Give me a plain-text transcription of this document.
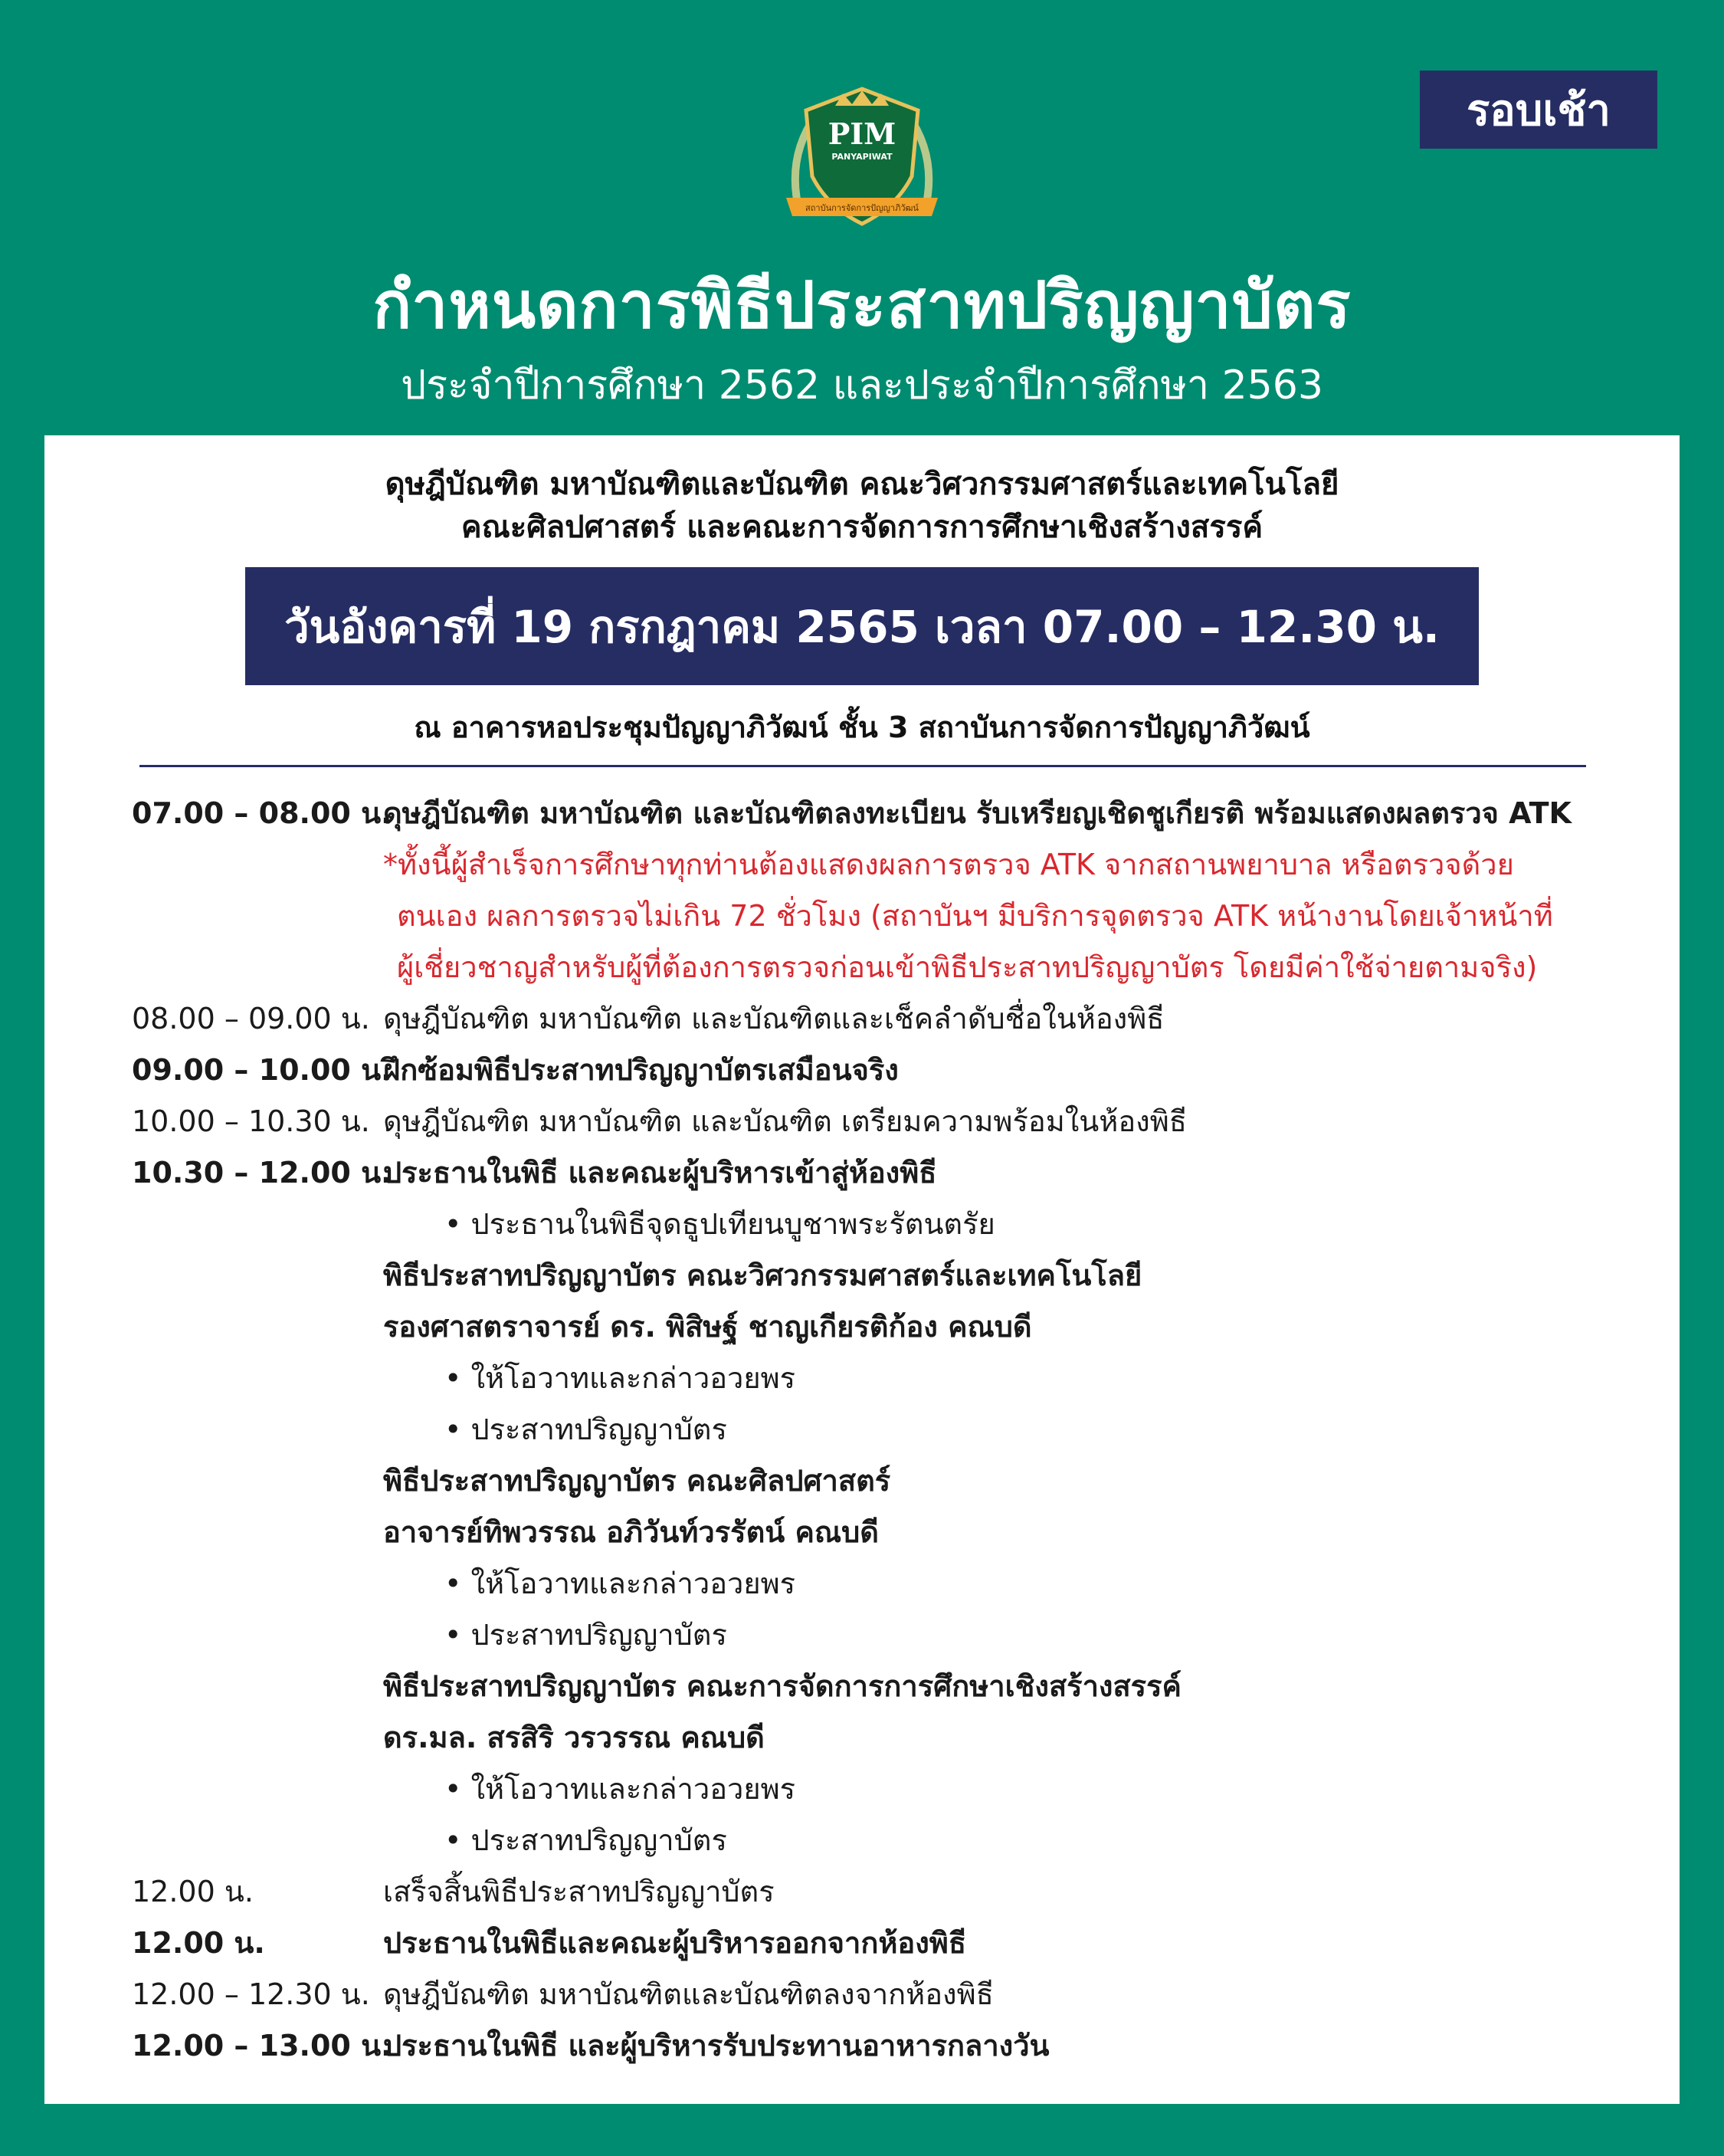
รอบเช้า
PIM
PANYAPIWAT
สถาบันการจัดการปัญญาภิวัฒน์
กำหนดการพิธีประสาทปริญญาบัตร
ประจำปีการศึกษา 2562 และประจำปีการศึกษา 2563
ดุษฎีบัณฑิต มหาบัณฑิตและบัณฑิต คณะวิศวกรรมศาสตร์และเทคโนโลยี
คณะศิลปศาสตร์ และคณะการจัดการการศึกษาเชิงสร้างสรรค์
วันอังคารที่ 19 กรกฎาคม 2565 เวลา 07.00 – 12.30 น.
ณ อาคารหอประชุมปัญญาภิวัฒน์ ชั้น 3 สถาบันการจัดการปัญญาภิวัฒน์
07.00 – 08.00 น.
ดุษฎีบัณฑิต มหาบัณฑิต และบัณฑิตลงทะเบียน รับเหรียญเชิดชูเกียรติ พร้อมแสดงผลตรวจ ATK
*ทั้งนี้ผู้สำเร็จการศึกษาทุกท่านต้องแสดงผลการตรวจ ATK จากสถานพยาบาล หรือตรวจด้วย
ตนเอง ผลการตรวจไม่เกิน 72 ชั่วโมง (สถาบันฯ มีบริการจุดตรวจ ATK หน้างานโดยเจ้าหน้าที่
ผู้เชี่ยวชาญสำหรับผู้ที่ต้องการตรวจก่อนเข้าพิธีประสาทปริญญาบัตร โดยมีค่าใช้จ่ายตามจริง)
08.00 – 09.00 น. ดุษฎีบัณฑิต มหาบัณฑิต และบัณฑิตและเช็คลำดับชื่อในห้องพิธี
09.00 – 10.00 น.
ฝึกซ้อมพิธีประสาทปริญญาบัตรเสมือนจริง
10.00 – 10.30 น. ดุษฎีบัณฑิต มหาบัณฑิต และบัณฑิต เตรียมความพร้อมในห้องพิธี
10.30 – 12.00 น.
ประธานในพิธี และคณะผู้บริหารเข้าสู่ห้องพิธี
• ประธานในพิธีจุดธูปเทียนบูชาพระรัตนตรัย
พิธีประสาทปริญญาบัตร คณะวิศวกรรมศาสตร์และเทคโนโลยี
รองศาสตราจารย์ ดร. พิสิษฐ์ ชาญเกียรติก้อง คณบดี
• ให้โอวาทและกล่าวอวยพร
• ประสาทปริญญาบัตร
พิธีประสาทปริญญาบัตร คณะศิลปศาสตร์
อาจารย์ทิพวรรณ อภิวันท์วรรัตน์ คณบดี
• ให้โอวาทและกล่าวอวยพร
• ประสาทปริญญาบัตร
พิธีประสาทปริญญาบัตร คณะการจัดการการศึกษาเชิงสร้างสรรค์
ดร.มล. สรสิริ วรวรรณ คณบดี
• ให้โอวาทและกล่าวอวยพร
• ประสาทปริญญาบัตร
12.00 น.	เสร็จสิ้นพิธีประสาทปริญญาบัตร
12.00 น.	ประธานในพิธีและคณะผู้บริหารออกจากห้องพิธี
12.00 – 12.30 น. ดุษฎีบัณฑิต มหาบัณฑิตและบัณฑิตลงจากห้องพิธี
12.00 – 13.00 น.
ประธานในพิธี และผู้บริหารรับประทานอาหารกลางวัน
